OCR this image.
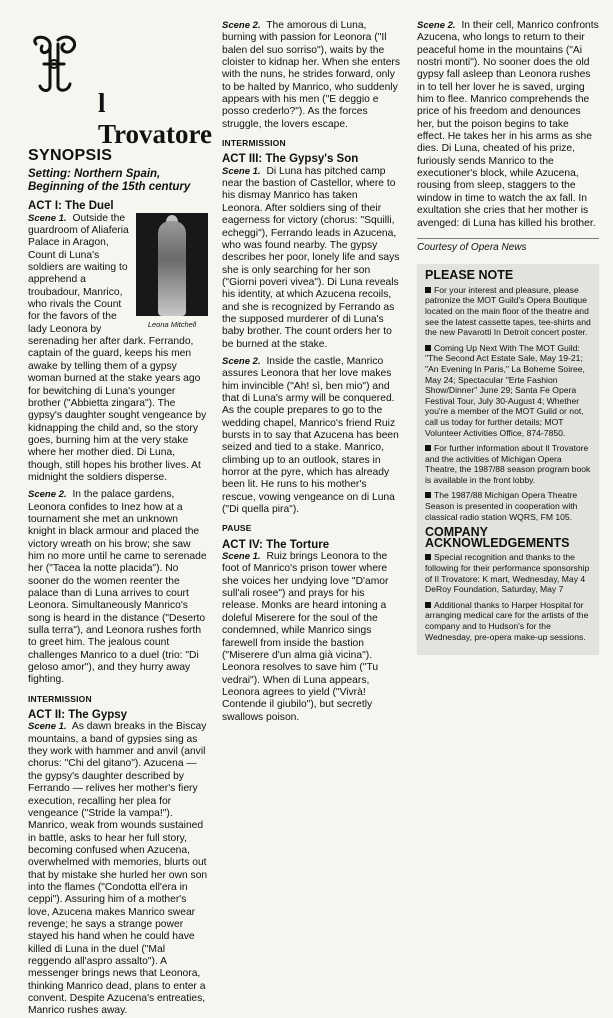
l Trovatore
SYNOPSIS
Setting: Northern Spain, Beginning of the 15th century
ACT I: The Duel

Scene 1.
Leona Mitchell
Outside the guardroom of Aliaferia Palace in Aragon, Count di Luna's soldiers are waiting to apprehend a troubadour, Manrico, who rivals the Count for the favors of the lady Leonora by serenading her after dark. Ferrando, captain of the guard, keeps his men awake by telling them of a gypsy woman burned at the stake years ago for bewitching di Luna's younger brother ("Abbietta zingara"). The gypsy's daughter sought vengeance by kidnapping the child and, so the story goes, burning him at the very stake where her mother died. Di Luna, though, still hopes his brother lives. At midnight the soldiers disperse.

Scene 2. In the palace gardens, Leonora confides to Inez how at a tournament she met an unknown knight in black armour and placed the victory wreath on his brow; she saw him no more until he came to serenade her ("Tacea la notte placida"). No sooner do the women reenter the palace than di Luna arrives to court Leonora. Simultaneously Manrico's song is heard in the distance ("Deserto sulla terra"), and Leonora rushes forth to greet him. The jealous count challenges Manrico to a duel (trio: "Di geloso amor"), and they hurry away fighting.

INTERMISSION
ACT II: The Gypsy

Scene 1. As dawn breaks in the Biscay mountains, a band of gypsies sing as they work with hammer and anvil (anvil chorus: "Chi del gitano"). Azucena — the gypsy's daughter described by Ferrando — relives her mother's fiery execution, recalling her plea for vengeance ("Stride la vampa!"). Manrico, weak from wounds sustained in battle, asks to hear her full story, becoming confused when Azucena, overwhelmed with memories, blurts out that by mistake she hurled her own son into the flames ("Condotta ell'era in ceppi"). Assuring him of a mother's love, Azucena makes Manrico swear revenge; he says a strange power stayed his hand when he could have killed di Luna in the duel ("Mal reggendo all'aspro assalto"). A messenger brings news that Leonora, thinking Manrico dead, plans to enter a convent. Despite Azucena's entreaties, Manrico rushes away.

Scene 2. The amorous di Luna, burning with passion for Leonora ("Il balen del suo sorriso"), waits by the cloister to kidnap her. When she enters with the nuns, he strides forward, only to be halted by Manrico, who suddenly appears with his men ("E deggio e posso crederlo?"). As the forces struggle, the lovers escape.

INTERMISSION
ACT III: The Gypsy's Son

Scene 1. Di Luna has pitched camp near the bastion of Castellor, where to his dismay Manrico has taken Leonora. After soldiers sing of their eagerness for victory (chorus: "Squilli, echeggi"), Ferrando leads in Azucena, who was found nearby. The gypsy describes her poor, lonely life and says she is only searching for her son ("Giorni poveri vivea"). Di Luna reveals his identity, at which Azucena recoils, and she is recognized by Ferrando as the supposed murderer of di Luna's baby brother. The count orders her to be burned at the stake.

Scene 2. Inside the castle, Manrico assures Leonora that her love makes him invincible ("Ah! sì, ben mio") and that di Luna's army will be conquered. As the couple prepares to go to the wedding chapel, Manrico's friend Ruiz bursts in to say that Azucena has been seized and tied to a stake. Manrico, climbing up to an outlook, stares in horror at the pyre, which has already been lit. He runs to his mother's rescue, vowing vengeance on di Luna ("Di quella pira").

PAUSE
ACT IV: The Torture

Scene 1. Ruiz brings Leonora to the foot of Manrico's prison tower where she voices her undying love "D'amor sull'ali rosee") and prays for his release. Monks are heard intoning a doleful Miserere for the soul of the condemned, while Manrico sings farewell from inside the bastion ("Miserere d'un alma già vicina"). Leonora resolves to save him ("Tu vedrai"). When di Luna appears, Leonora agrees to yield ("Vivrà! Contende il giubilo"), but secretly swallows poison.

Scene 2. In their cell, Manrico confronts Azucena, who longs to return to their peaceful home in the mountains ("Ai nostri monti"). No sooner does the old gypsy fall asleep than Leonora rushes in to tell her lover he is saved, urging him to flee. Manrico comprehends the price of his freedom and denounces her, but the poison begins to take effect. He takes her in his arms as she dies. Di Luna, cheated of his prize, furiously sends Manrico to the executioner's block, while Azucena, rousing from sleep, staggers to the window in time to watch the ax fall. In exultation she cries that her mother is avenged: di Luna has killed his brother.

Courtesy of Opera News
PLEASE NOTE

For your interest and pleasure, please patronize the MOT Guild's Opera Boutique located on the main floor of the theatre and see the latest cassette tapes, tee-shirts and the new Pavarotti In Detroit concert poster.

Coming Up Next With The MOT Guild: "The Second Act Estate Sale, May 19-21; "An Evening In Paris," La Boheme Soiree, May 24; Spectacular "Erte Fashion Show/Dinner" June 29; Santa Fe Opera Festival Tour, July 30-August 4; Whether you're a member of the MOT Guild or not, call us today for further details; MOT Volunteer Activities Office, 874-7850.

For further information about Il Trovatore and the activities of Michigan Opera Theatre, the 1987/88 season program book is available in the front lobby.

The 1987/88 Michigan Opera Theatre Season is presented in cooperation with classical radio station WQRS, FM 105.

COMPANY ACKNOWLEDGEMENTS

Special recognition and thanks to the following for their performance sponsorship of Il Trovatore: K mart, Wednesday, May 4 DeRoy Foundation, Saturday, May 7

Additional thanks to Harper Hospital for arranging medical care for the artists of the company and to Hudson's for the Wednesday, pre-opera make-up sessions.
